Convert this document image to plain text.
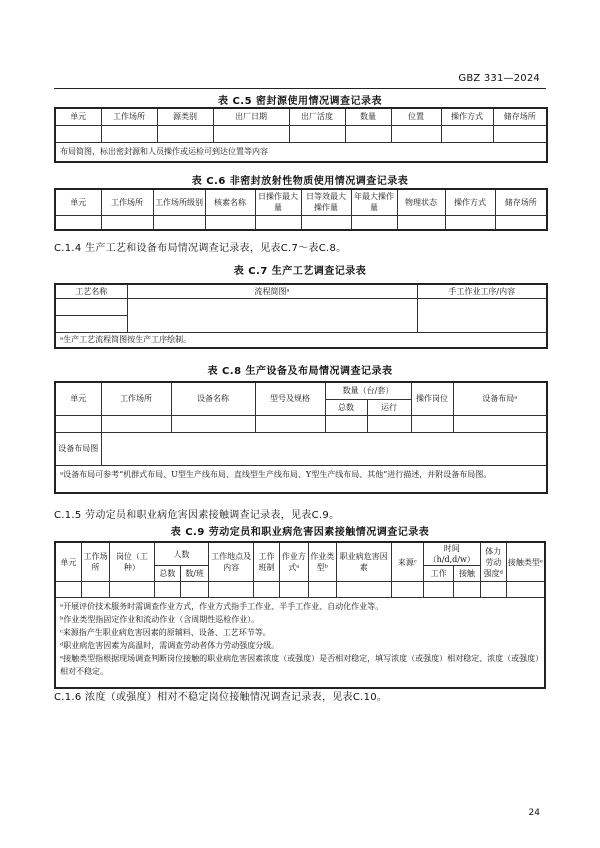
GBZ 331—2024
表 C.5 密封源使用情况调查记录表
单元	工作场所	源类别	出厂日期	出厂活度	数量	位置	操作方式	储存场所

布局简图，标出密封源和人员操作或运检可到达位置等内容								
表 C.6 非密封放射性物质使用情况调查记录表
单元	工作场所	工作场所级别	核素名称	日操作最大量	日等效最大操作量	年最大操作量	物理状态	操作方式	储存场所

C.1.4 生产工艺和设备布局情况调查记录表，见表C.7～表C.8。
表 C.7 生产工艺调查记录表
工艺名称	流程简图ᵃ	手工作业工序/内容

ᵃ生产工艺流程简图按生产工序绘制。		
表 C.8 生产设备及布局情况调查记录表
单元	工作场所	设备名称	型号及规格	数量（台/套）		操作岗位	设备布局ᵃ
				总数	运行		

设备布局图							
ᵃ设备布局可参考“机群式布局、U型生产线布局、直线型生产线布局、Y型生产线布局、其他”进行描述，并附设备布局图。							
C.1.5 劳动定员和职业病危害因素接触调查记录表，见表C.9。
表 C.9 劳动定员和职业病危害因素接触情况调查记录表
单元	工作场所	岗位（工种）	人数		工作地点及内容	工作班制	作业方式ᵃ	作业类型ᵇ	职业病危害因素	来源ᶜ	时间（h/d,d/w）		体力劳动强度ᵈ	接触类型ᵉ
			总数	数/班							工作	接触		

ᵃ开展评价技术服务时需调查作业方式，作业方式指手工作业、半手工作业、自动化作业等。

ᵇ作业类型指固定作业和流动作业（含周期性巡检作业）。

ᶜ来源指产生职业病危害因素的原辅料、设备、工艺环节等。

ᵈ职业病危害因素为高温时，需调查劳动者体力劳动强度分级。

ᵉ接触类型指根据现场调查判断岗位接触的职业病危害因素浓度（或强度）是否相对稳定，填写浓度（或强度）相对稳定、浓度（或强度）相对不稳定。														

C.1.6 浓度（或强度）相对不稳定岗位接触情况调查记录表，见表C.10。
24
